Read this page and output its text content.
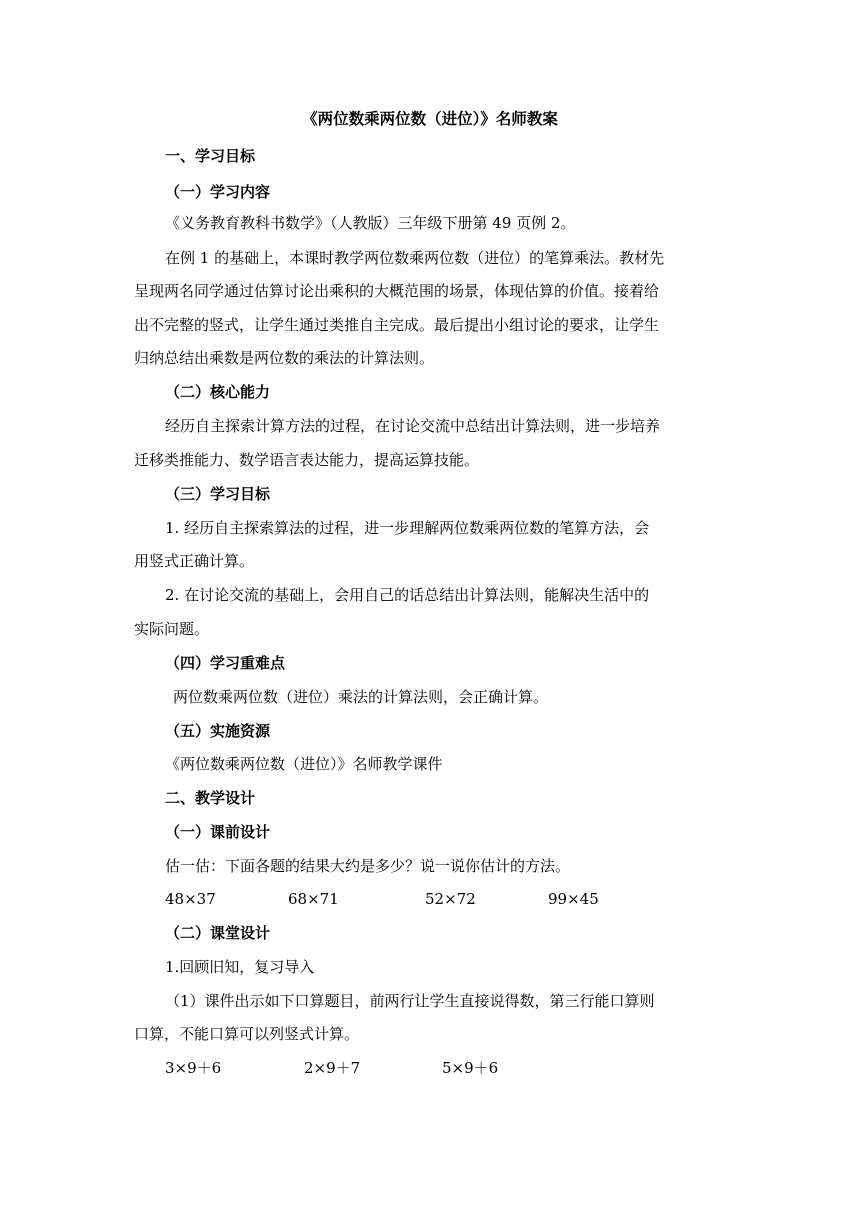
《两位数乘两位数（进位）》名师教案
一、学习目标
（一）学习内容
《义务教育教科书数学》（人教版）三年级下册第 49 页例 2。
在例 1 的基础上，本课时教学两位数乘两位数（进位）的笔算乘法。教材先
呈现两名同学通过估算讨论出乘积的大概范围的场景，体现估算的价值。接着给
出不完整的竖式，让学生通过类推自主完成。最后提出小组讨论的要求，让学生
归纳总结出乘数是两位数的乘法的计算法则。
（二）核心能力
经历自主探索计算方法的过程，在讨论交流中总结出计算法则，进一步培养
迁移类推能力、数学语言表达能力，提高运算技能。
（三）学习目标
1. 经历自主探索算法的过程，进一步理解两位数乘两位数的笔算方法，会
用竖式正确计算。
2. 在讨论交流的基础上，会用自己的话总结出计算法则，能解决生活中的
实际问题。
（四）学习重难点
两位数乘两位数（进位）乘法的计算法则，会正确计算。
（五）实施资源
《两位数乘两位数（进位）》名师教学课件
二、教学设计
（一）课前设计
估一估：下面各题的结果大约是多少？说一说你估计的方法。
48×37	68×71	52×72	99×45
（二）课堂设计
1.回顾旧知，复习导入
（1）课件出示如下口算题目，前两行让学生直接说得数，第三行能口算则
口算，不能口算可以列竖式计算。
3×9＋6	2×9＋7	5×9＋6
